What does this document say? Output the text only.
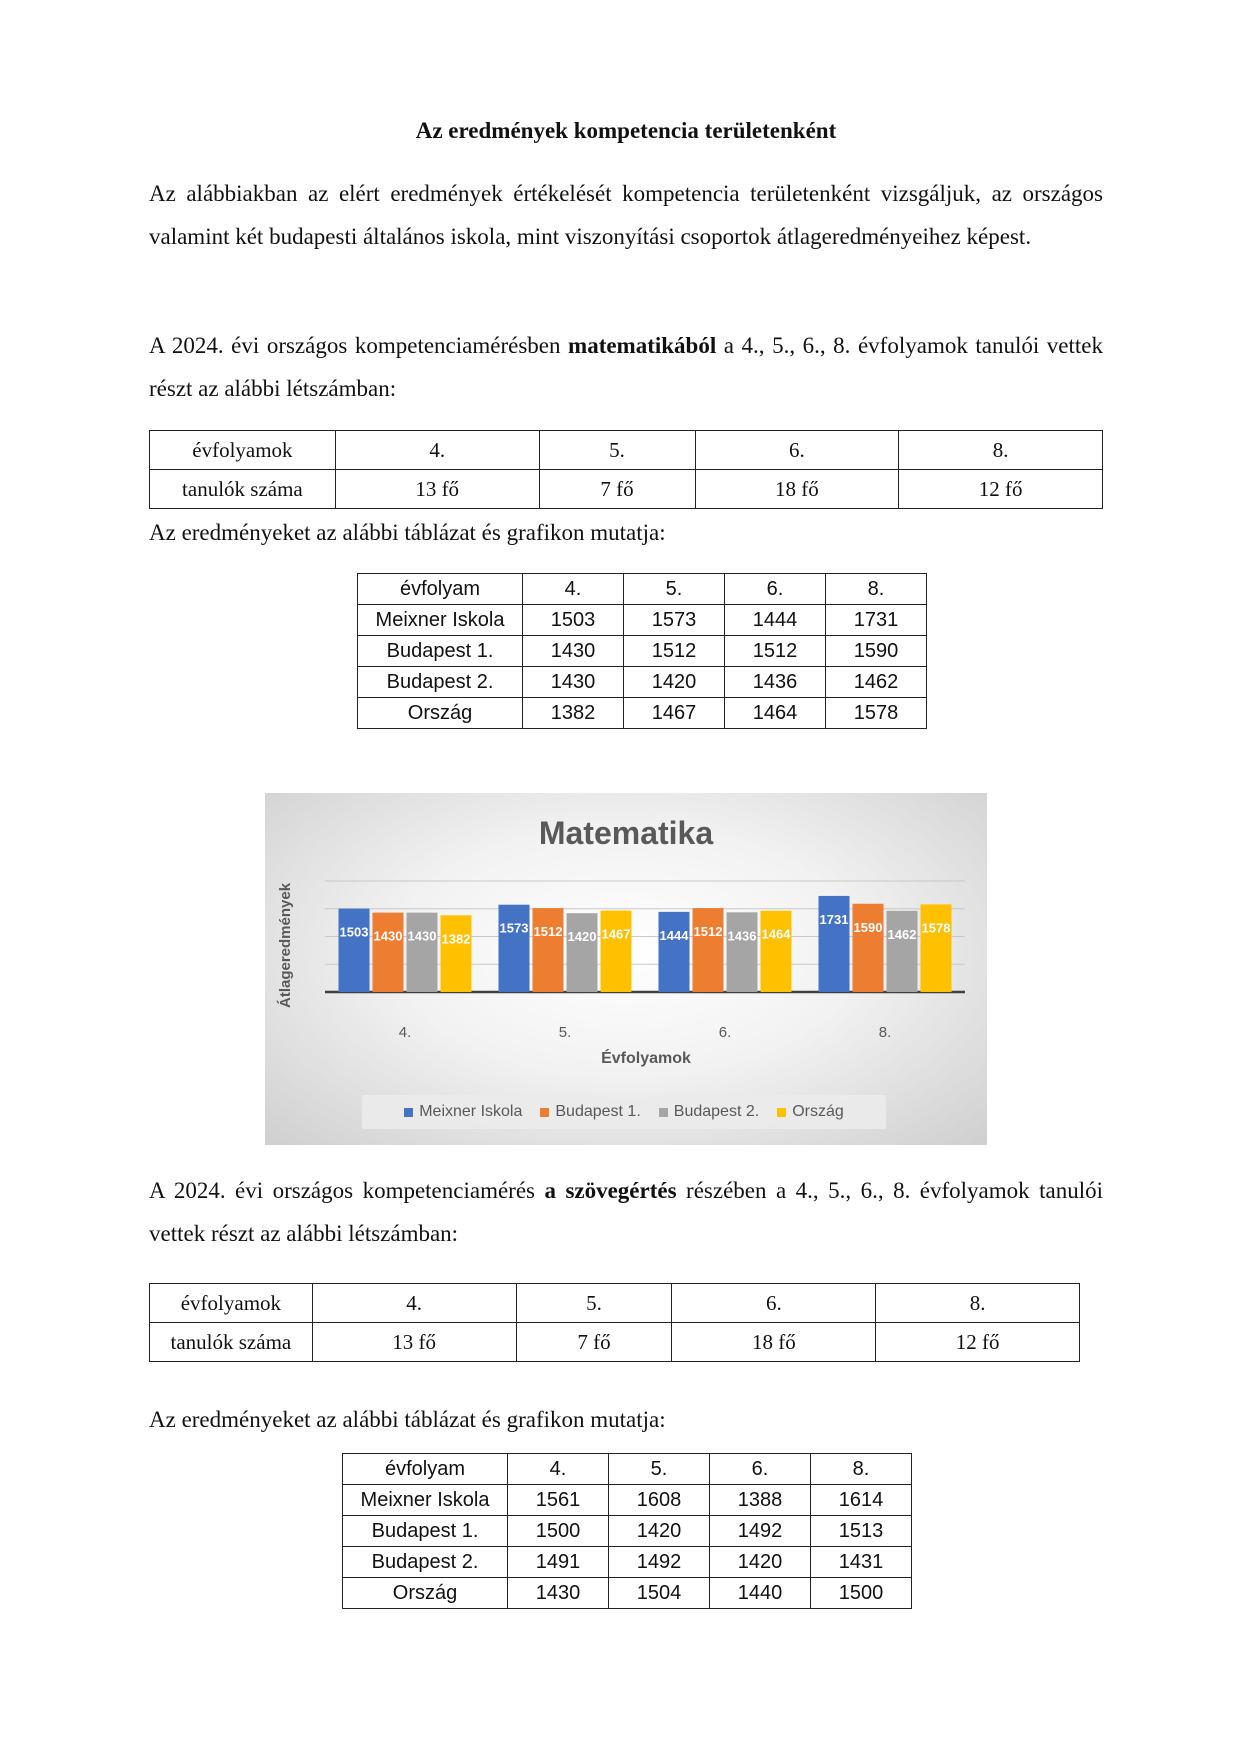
Az eredmények kompetencia területenként

Az alábbiakban az elért eredmények értékelését kompetencia területenként vizsgáljuk, az országos valamint két budapesti általános iskola, mint viszonyítási csoportok átlageredményeihez képest.

A 2024. évi országos kompetenciamérésben matematikából a 4., 5., 6., 8. évfolyamok tanulói vettek részt az alábbi létszámban:

évfolyamok	4.	5.	6.	8.
tanulók száma	13 fő	7 fő	18 fő	12 fő

Az eredményeket az alábbi táblázat és grafikon mutatja:

évfolyam	4.	5.	6.	8.
Meixner Iskola	1503	1573	1444	1731
Budapest 1.	1430	1512	1512	1590
Budapest 2.	1430	1420	1436	1462
Ország	1382	1467	1464	1578
1503 1430 1430 1382
4.
1573 1512 1420 1467
5.
1444 1512 1436 1464
6.
1731
1590 1462 1578
8.
Matematika
Átlageredmények
Évfolyamok
Meixner Iskola Budapest 1. Budapest 2. Ország

A 2024. évi országos kompetenciamérés a szövegértés részében a 4., 5., 6., 8. évfolyamok tanulói vettek részt az alábbi létszámban:

évfolyamok	4.	5.	6.	8.
tanulók száma	13 fő	7 fő	18 fő	12 fő

Az eredményeket az alábbi táblázat és grafikon mutatja:

évfolyam	4.	5.	6.	8.
Meixner Iskola	1561	1608	1388	1614
Budapest 1.	1500	1420	1492	1513
Budapest 2.	1491	1492	1420	1431
Ország	1430	1504	1440	1500
